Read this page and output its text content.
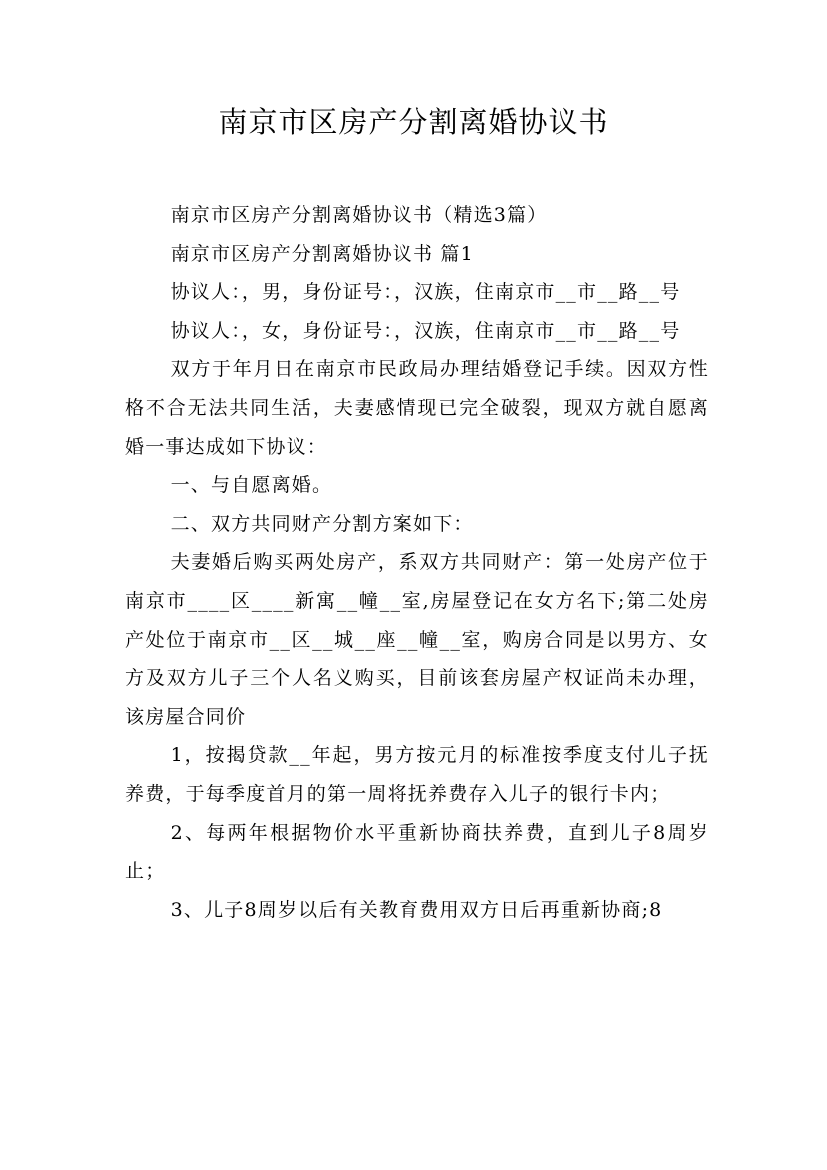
南京市区房产分割离婚协议书

南京市区房产分割离婚协议书（精选3篇）

南京市区房产分割离婚协议书 篇1

协议人：，男，身份证号：，汉族，住南京市__市__路__号

协议人：，女，身份证号：，汉族，住南京市__市__路__号

双方于年月日在南京市民政局办理结婚登记手续。因双方性格不合无法共同生活，夫妻感情现已完全破裂，现双方就自愿离婚一事达成如下协议：

一、与自愿离婚。

二、双方共同财产分割方案如下：

夫妻婚后购买两处房产，系双方共同财产：第一处房产位于南京市____区____新寓__幢__室,房屋登记在女方名下;第二处房产处位于南京市__区__城__座__幢__室，购房合同是以男方、女方及双方儿子三个人名义购买，目前该套房屋产权证尚未办理，该房屋合同价

1，按揭贷款__年起，男方按元月的标准按季度支付儿子抚养费，于每季度首月的第一周将抚养费存入儿子的银行卡内；

2、每两年根据物价水平重新协商扶养费，直到儿子8周岁止；

3、儿子8周岁以后有关教育费用双方日后再重新协商;8
